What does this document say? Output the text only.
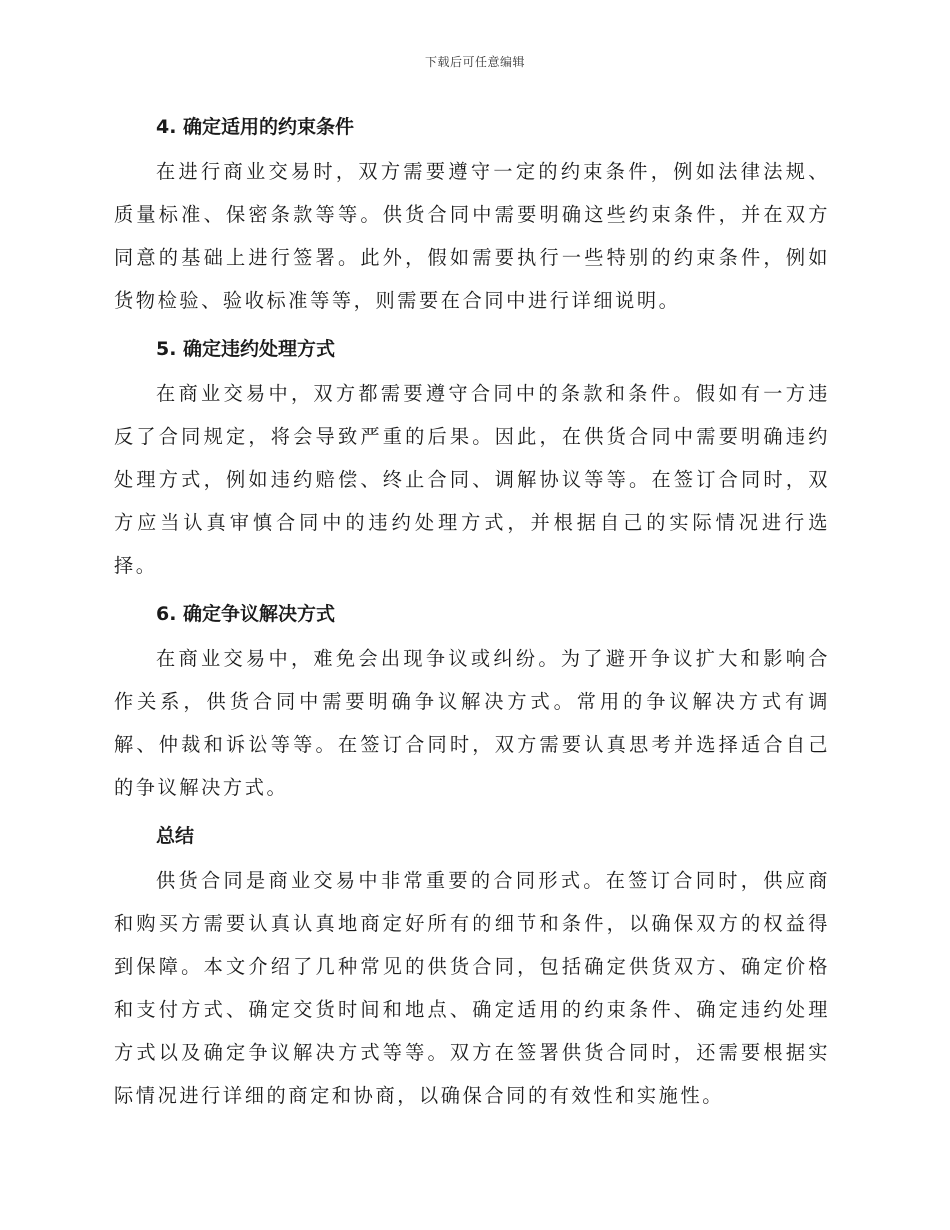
下载后可任意编辑
4. 确定适用的约束条件

在进行商业交易时，双方需要遵守一定的约束条件，例如法律法规、质量标准、保密条款等等。供货合同中需要明确这些约束条件，并在双方同意的基础上进行签署。此外，假如需要执行一些特别的约束条件，例如货物检验、验收标准等等，则需要在合同中进行详细说明。

5. 确定违约处理方式

在商业交易中，双方都需要遵守合同中的条款和条件。假如有一方违反了合同规定，将会导致严重的后果。因此，在供货合同中需要明确违约处理方式，例如违约赔偿、终止合同、调解协议等等。在签订合同时，双方应当认真审慎合同中的违约处理方式，并根据自己的实际情况进行选择。

6. 确定争议解决方式

在商业交易中，难免会出现争议或纠纷。为了避开争议扩大和影响合作关系，供货合同中需要明确争议解决方式。常用的争议解决方式有调解、仲裁和诉讼等等。在签订合同时，双方需要认真思考并选择适合自己的争议解决方式。

总结

供货合同是商业交易中非常重要的合同形式。在签订合同时，供应商和购买方需要认真认真地商定好所有的细节和条件，以确保双方的权益得到保障。本文介绍了几种常见的供货合同，包括确定供货双方、确定价格和支付方式、确定交货时间和地点、确定适用的约束条件、确定违约处理方式以及确定争议解决方式等等。双方在签署供货合同时，还需要根据实际情况进行详细的商定和协商，以确保合同的有效性和实施性。
